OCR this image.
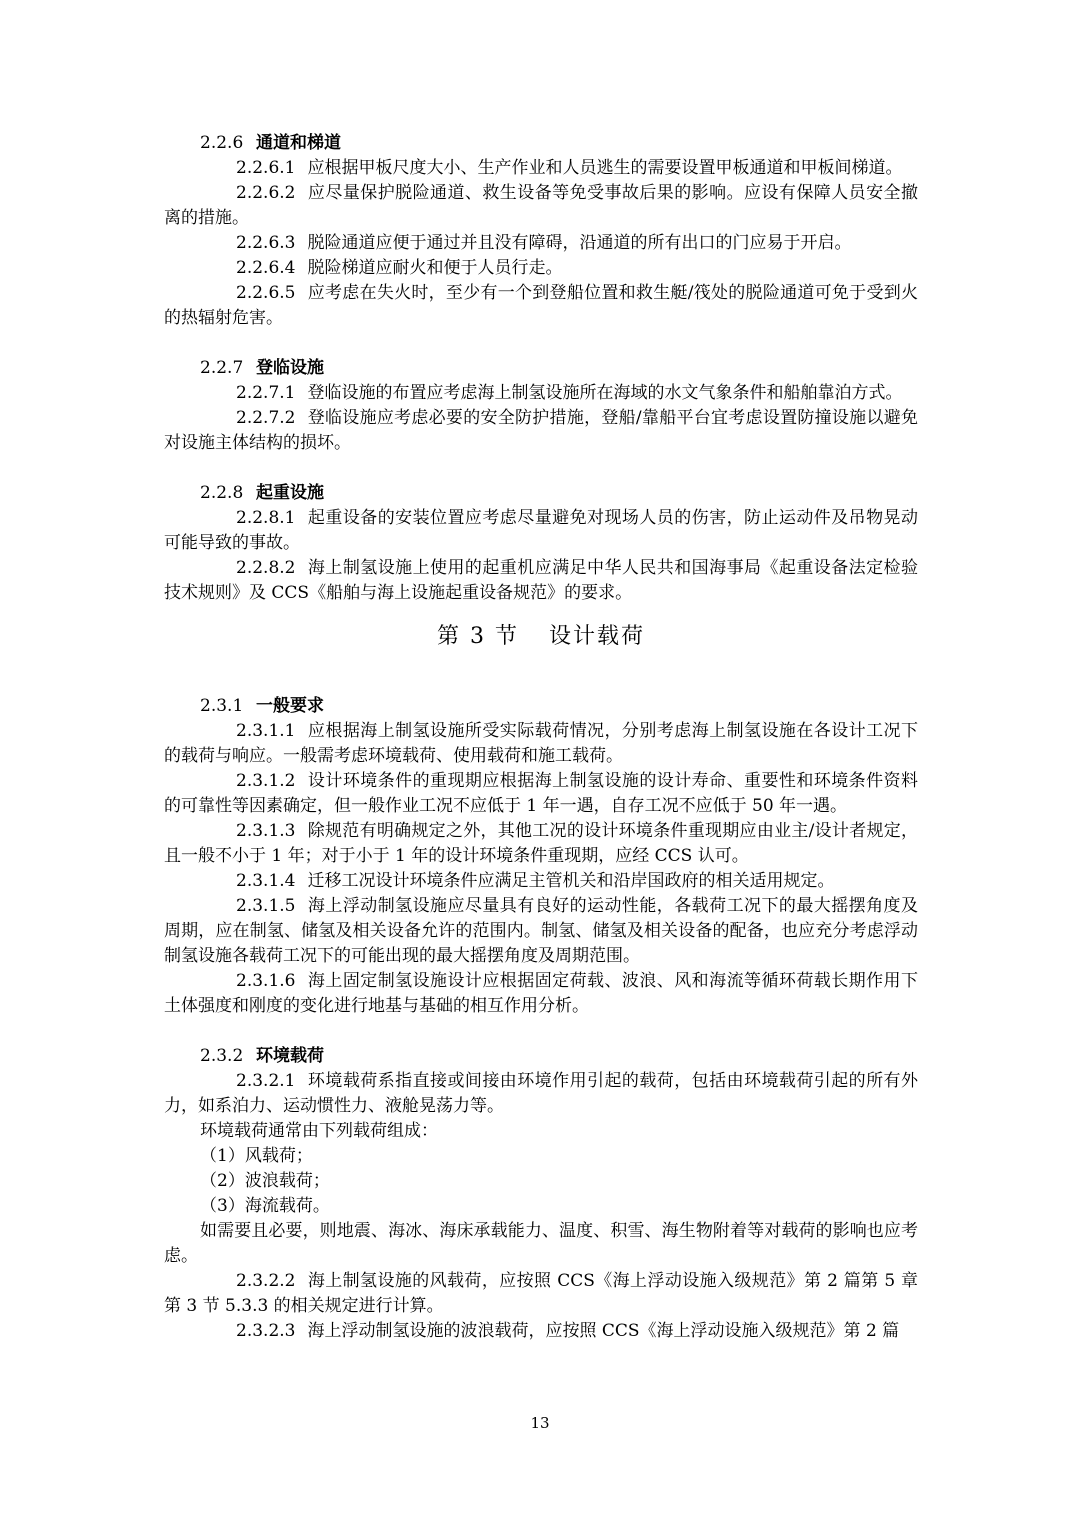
2.2.6 通道和梯道

2.2.6.1 应根据甲板尺度大小、生产作业和人员逃生的需要设置甲板通道和甲板间梯道。

2.2.6.2 应尽量保护脱险通道、救生设备等免受事故后果的影响。应设有保障人员安全撤离的措施。

2.2.6.3 脱险通道应便于通过并且没有障碍，沿通道的所有出口的门应易于开启。

2.2.6.4 脱险梯道应耐火和便于人员行走。

2.2.6.5 应考虑在失火时，至少有一个到登船位置和救生艇/筏处的脱险通道可免于受到火的热辐射危害。

2.2.7 登临设施

2.2.7.1 登临设施的布置应考虑海上制氢设施所在海域的水文气象条件和船舶靠泊方式。

2.2.7.2 登临设施应考虑必要的安全防护措施，登船/靠船平台宜考虑设置防撞设施以避免对设施主体结构的损坏。

2.2.8 起重设施

2.2.8.1 起重设备的安装位置应考虑尽量避免对现场人员的伤害，防止运动件及吊物晃动可能导致的事故。

2.2.8.2 海上制氢设施上使用的起重机应满足中华人民共和国海事局《起重设备法定检验技术规则》及 CCS《船舶与海上设施起重设备规范》的要求。

第 3 节 设计载荷
2.3.1 一般要求

2.3.1.1 应根据海上制氢设施所受实际载荷情况，分别考虑海上制氢设施在各设计工况下的载荷与响应。一般需考虑环境载荷、使用载荷和施工载荷。

2.3.1.2 设计环境条件的重现期应根据海上制氢设施的设计寿命、重要性和环境条件资料的可靠性等因素确定，但一般作业工况不应低于 1 年一遇，自存工况不应低于 50 年一遇。

2.3.1.3 除规范有明确规定之外，其他工况的设计环境条件重现期应由业主/设计者规定，且一般不小于 1 年；对于小于 1 年的设计环境条件重现期，应经 CCS 认可。

2.3.1.4 迁移工况设计环境条件应满足主管机关和沿岸国政府的相关适用规定。

2.3.1.5 海上浮动制氢设施应尽量具有良好的运动性能，各载荷工况下的最大摇摆角度及周期，应在制氢、储氢及相关设备允许的范围内。制氢、储氢及相关设备的配备，也应充分考虑浮动制氢设施各载荷工况下的可能出现的最大摇摆角度及周期范围。

2.3.1.6 海上固定制氢设施设计应根据固定荷载、波浪、风和海流等循环荷载长期作用下土体强度和刚度的变化进行地基与基础的相互作用分析。

2.3.2 环境载荷

2.3.2.1 环境载荷系指直接或间接由环境作用引起的载荷，包括由环境载荷引起的所有外力，如系泊力、运动惯性力、液舱晃荡力等。

环境载荷通常由下列载荷组成：

（1）风载荷；

（2）波浪载荷；

（3）海流载荷。

如需要且必要，则地震、海冰、海床承载能力、温度、积雪、海生物附着等对载荷的影响也应考虑。

2.3.2.2 海上制氢设施的风载荷，应按照 CCS《海上浮动设施入级规范》第 2 篇第 5 章第 3 节 5.3.3 的相关规定进行计算。

2.3.2.3 海上浮动制氢设施的波浪载荷，应按照 CCS《海上浮动设施入级规范》第 2 篇

13
